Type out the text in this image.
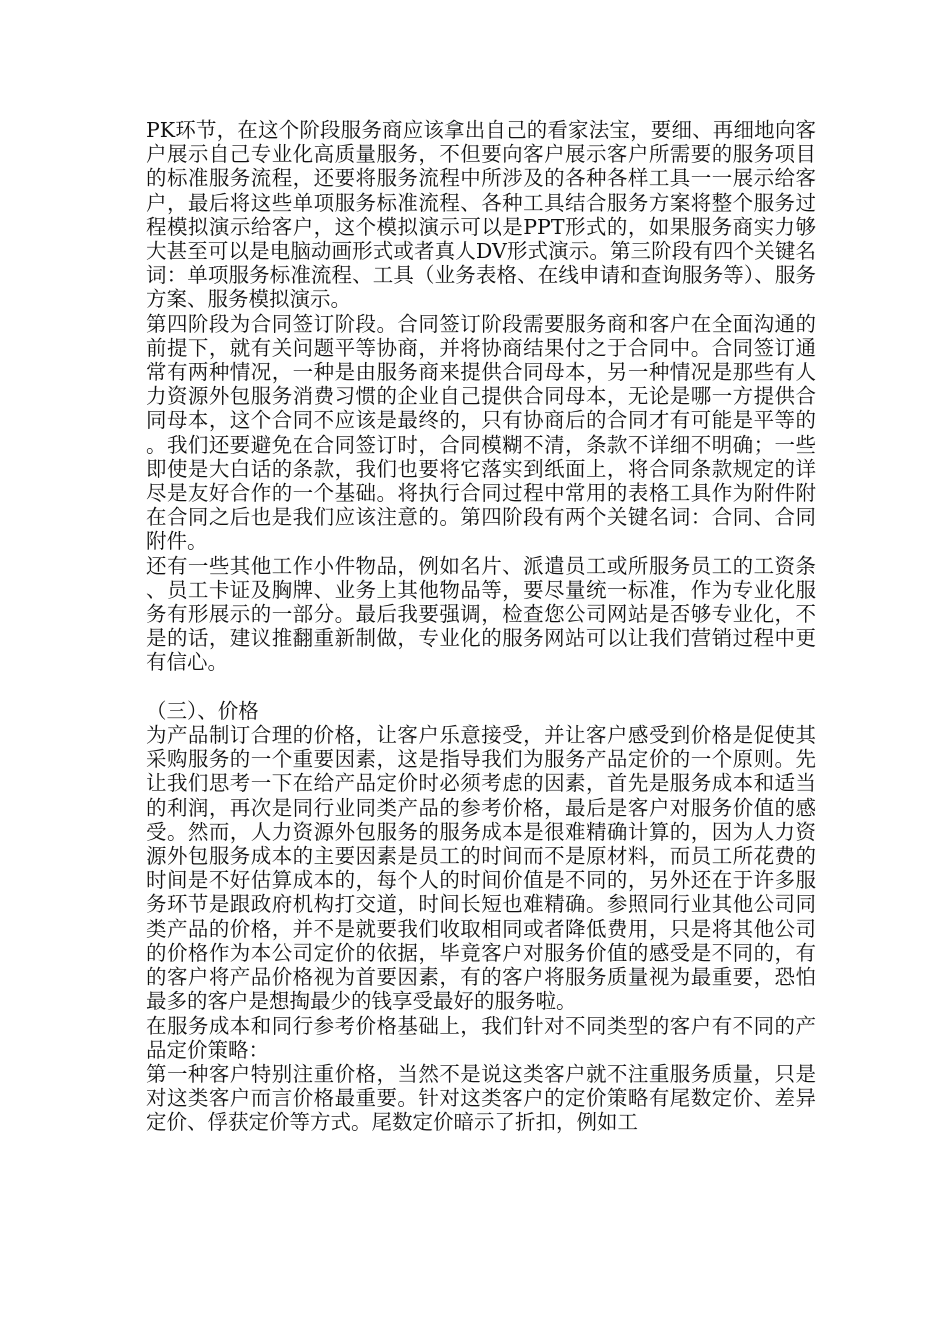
PK环节，在这个阶段服务商应该拿出自己的看家法宝，要细、再细地向客户展示自己专业化高质量服务，不但要向客户展示客户所需要的服务项目的标准服务流程，还要将服务流程中所涉及的各种各样工具一一展示给客户，最后将这些单项服务标准流程、各种工具结合服务方案将整个服务过程模拟演示给客户，这个模拟演示可以是PPT形式的，如果服务商实力够大甚至可以是电脑动画形式或者真人DV形式演示。第三阶段有四个关键名词：单项服务标准流程、工具（业务表格、在线申请和查询服务等）、服务方案、服务模拟演示。

第四阶段为合同签订阶段。合同签订阶段需要服务商和客户在全面沟通的前提下，就有关问题平等协商，并将协商结果付之于合同中。合同签订通常有两种情况，一种是由服务商来提供合同母本，另一种情况是那些有人力资源外包服务消费习惯的企业自己提供合同母本，无论是哪一方提供合同母本，这个合同不应该是最终的，只有协商后的合同才有可能是平等的。我们还要避免在合同签订时，合同模糊不清，条款不详细不明确；一些即使是大白话的条款，我们也要将它落实到纸面上，将合同条款规定的详尽是友好合作的一个基础。将执行合同过程中常用的表格工具作为附件附在合同之后也是我们应该注意的。第四阶段有两个关键名词：合同、合同附件。

还有一些其他工作小件物品，例如名片、派遣员工或所服务员工的工资条、员工卡证及胸牌、业务上其他物品等，要尽量统一标准，作为专业化服务有形展示的一部分。最后我要强调，检查您公司网站是否够专业化，不是的话，建议推翻重新制做，专业化的服务网站可以让我们营销过程中更有信心。

（三）、价格

为产品制订合理的价格，让客户乐意接受，并让客户感受到价格是促使其采购服务的一个重要因素，这是指导我们为服务产品定价的一个原则。先让我们思考一下在给产品定价时必须考虑的因素，首先是服务成本和适当的利润，再次是同行业同类产品的参考价格，最后是客户对服务价值的感受。然而，人力资源外包服务的服务成本是很难精确计算的，因为人力资源外包服务成本的主要因素是员工的时间而不是原材料，而员工所花费的时间是不好估算成本的，每个人的时间价值是不同的，另外还在于许多服务环节是跟政府机构打交道，时间长短也难精确。参照同行业其他公司同类产品的价格，并不是就要我们收取相同或者降低费用，只是将其他公司的价格作为本公司定价的依据，毕竟客户对服务价值的感受是不同的，有的客户将产品价格视为首要因素，有的客户将服务质量视为最重要，恐怕最多的客户是想掏最少的钱享受最好的服务啦。

在服务成本和同行参考价格基础上，我们针对不同类型的客户有不同的产品定价策略：

第一种客户特别注重价格，当然不是说这类客户就不注重服务质量，只是对这类客户而言价格最重要。针对这类客户的定价策略有尾数定价、差异定价、俘获定价等方式。尾数定价暗示了折扣，例如工
